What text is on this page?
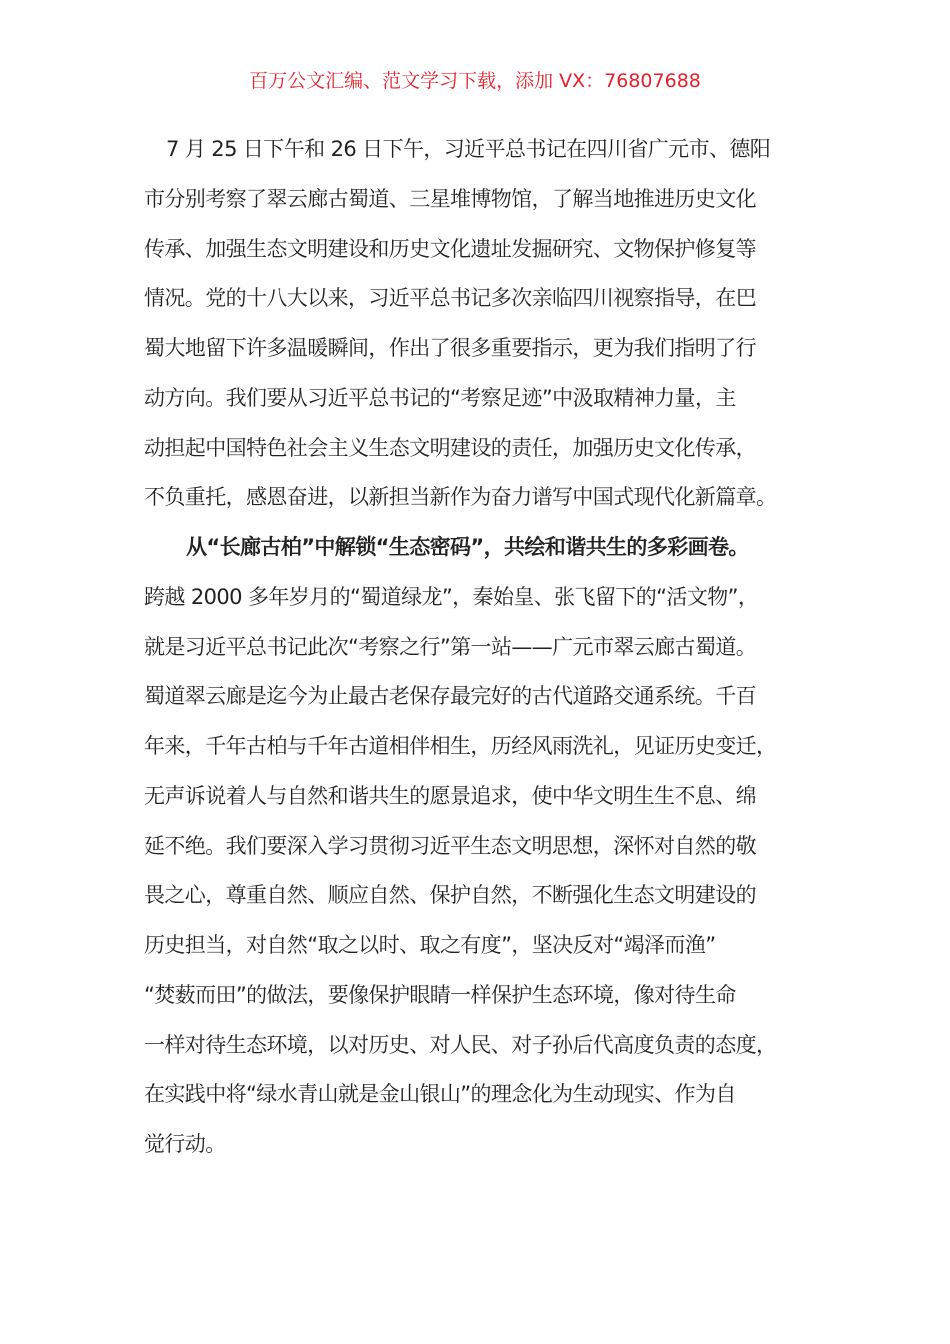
百万公文汇编、范文学习下载，添加 VX：76807688
7 月 25 日下午和 26 日下午，习近平总书记在四川省广元市、德阳
市分别考察了翠云廊古蜀道、三星堆博物馆，了解当地推进历史文化
传承、加强生态文明建设和历史文化遗址发掘研究、文物保护修复等
情况。党的十八大以来，习近平总书记多次亲临四川视察指导，在巴
蜀大地留下许多温暖瞬间，作出了很多重要指示，更为我们指明了行
动方向。我们要从习近平总书记的“考察足迹”中汲取精神力量，主
动担起中国特色社会主义生态文明建设的责任，加强历史文化传承，
不负重托，感恩奋进，以新担当新作为奋力谱写中国式现代化新篇章。
从“长廊古柏”中解锁“生态密码”，共绘和谐共生的多彩画卷。
跨越 2000 多年岁月的“蜀道绿龙”，秦始皇、张飞留下的“活文物”，
就是习近平总书记此次“考察之行”第一站——广元市翠云廊古蜀道。
蜀道翠云廊是迄今为止最古老保存最完好的古代道路交通系统。千百
年来，千年古柏与千年古道相伴相生，历经风雨洗礼，见证历史变迁，
无声诉说着人与自然和谐共生的愿景追求，使中华文明生生不息、绵
延不绝。我们要深入学习贯彻习近平生态文明思想，深怀对自然的敬
畏之心，尊重自然、顺应自然、保护自然，不断强化生态文明建设的
历史担当，对自然“取之以时、取之有度”，坚决反对“竭泽而渔”
“焚薮而田”的做法，要像保护眼睛一样保护生态环境，像对待生命
一样对待生态环境，以对历史、对人民、对子孙后代高度负责的态度，
在实践中将“绿水青山就是金山银山”的理念化为生动现实、作为自
觉行动。
